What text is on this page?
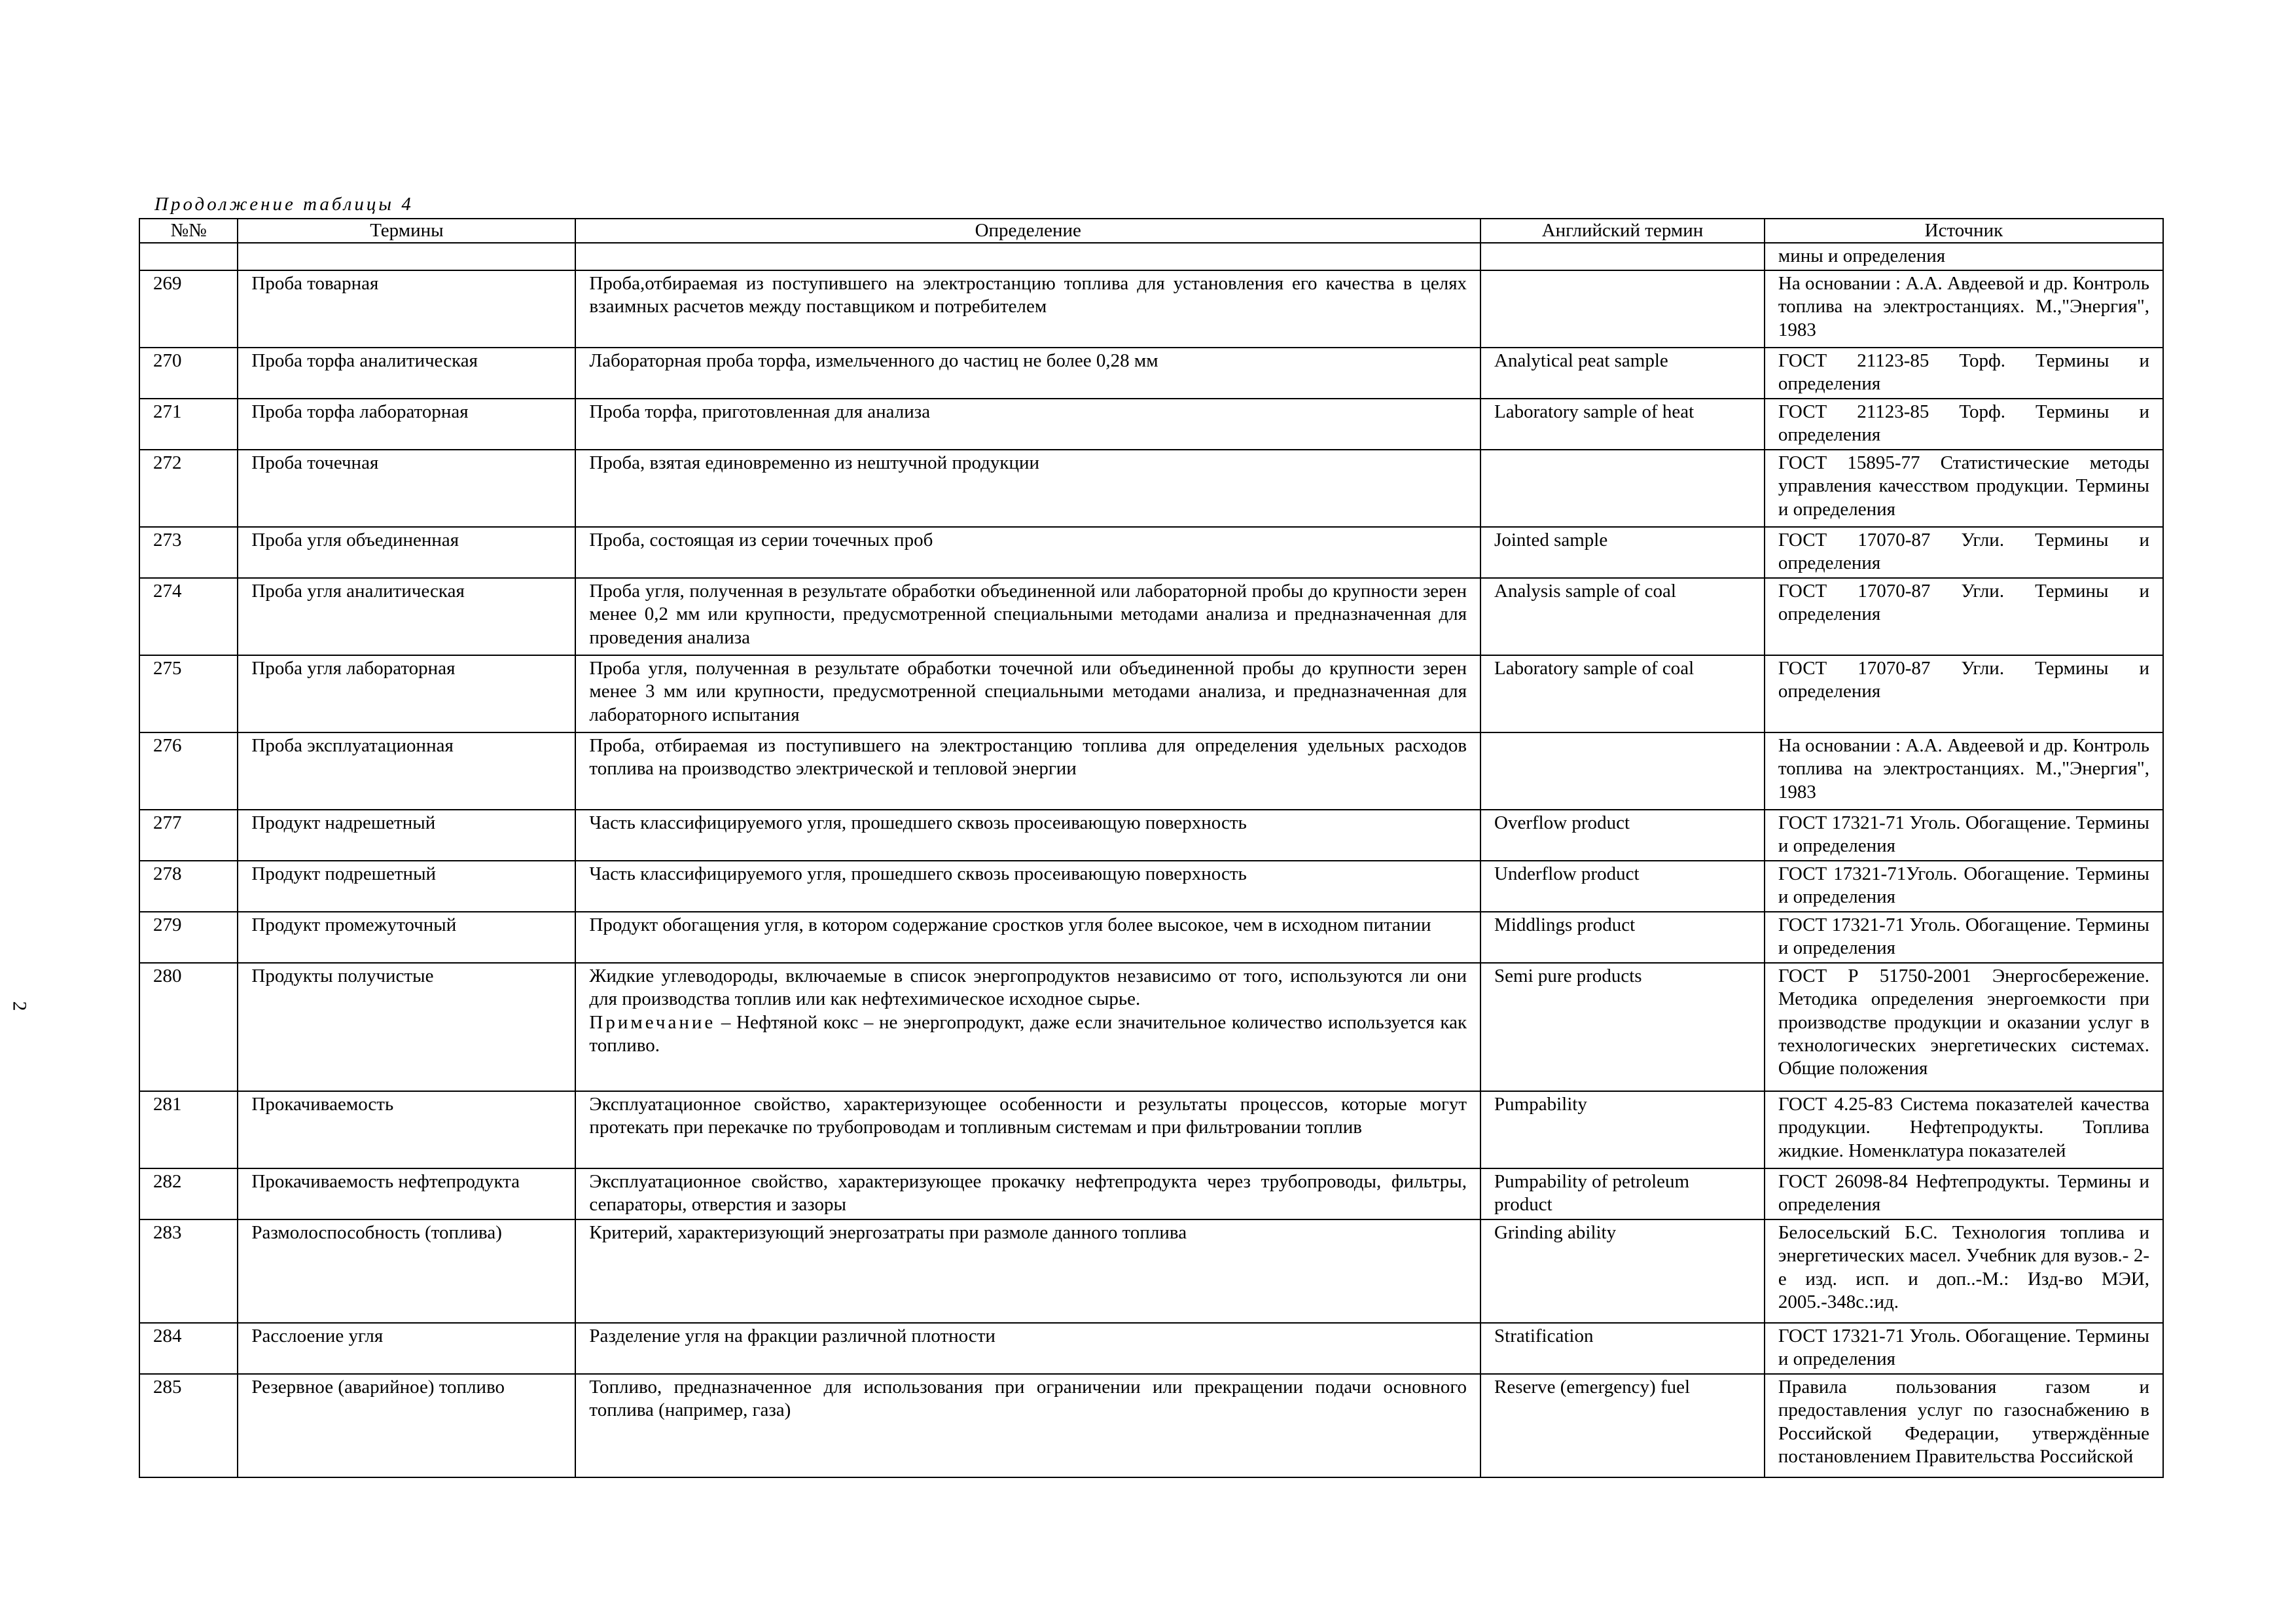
2
Продолжение таблицы 4
№№	Термины	Определение	Английский термин	Источник
				мины и определения
269	Проба товарная	Проба,отбираемая из поступившего на электростанцию топлива для установления его качества в целях взаимных расчетов между поставщиком и потребителем		На основании : А.А. Авдеевой и др. Контроль топлива на электростанциях. М.,"Энергия", 1983
270	Проба торфа аналитическая	Лабораторная проба торфа, измельченного до частиц не более 0,28 мм	Analytical peat sample	ГОСТ 21123-85 Торф. Термины и определения
271	Проба торфа лабораторная	Проба торфа, приготовленная для анализа	Laboratory sample of heat	ГОСТ 21123-85 Торф. Термины и определения
272	Проба точечная	Проба, взятая единовременно из нештучной продукции		ГОСТ 15895-77 Статистические методы управления качесством продукции. Термины и определения
273	Проба угля объединенная	Проба, состоящая из серии точечных проб	Jointed sample	ГОСТ 17070-87 Угли. Термины и определения
274	Проба угля аналитическая	Проба угля, полученная в результате обработки объединенной или лабораторной пробы до крупности зерен менее 0,2 мм или крупности, предусмотренной специальными методами анализа и предназначенная для проведения анализа	Analysis sample of coal	ГОСТ 17070-87 Угли. Термины и определения
275	Проба угля лабораторная	Проба угля, полученная в результате обработки точечной или объединенной пробы до крупности зерен менее 3 мм или крупности, предусмотренной специальными методами анализа, и предназначенная для лабораторного испытания	Laboratory sample of coal	ГОСТ 17070-87 Угли. Термины и определения
276	Проба эксплуатационная	Проба, отбираемая из поступившего на электростанцию топлива для определения удельных расходов топлива на производство электрической и тепловой энергии		На основании : А.А. Авдеевой и др. Контроль топлива на электростанциях. М.,"Энергия", 1983
277	Продукт надрешетный	Часть классифицируемого угля, прошедшего сквозь просеивающую поверхность	Overflow product	ГОСТ 17321-71 Уголь. Обогащение. Термины и определения
278	Продукт подрешетный	Часть классифицируемого угля, прошедшего сквозь просеивающую поверхность	Underflow product	ГОСТ 17321-71Уголь. Обогащение. Термины и определения
279	Продукт промежуточный	Продукт обогащения угля, в котором содержание сростков угля более высокое, чем в исходном питании	Middlings product	ГОСТ 17321-71 Уголь. Обогащение. Термины и определения
280	Продукты получистые	Жидкие углеводороды, включаемые в список энергопродуктов независимо от того, используются ли они для производства топлив или как нефтехимическое исходное сырье.
Примечание – Нефтяной кокс – не энергопродукт, даже если значительное количество используется как топливо.	Semi pure products	ГОСТ Р 51750-2001 Энергосбережение. Методика определения энергоемкости при производстве продукции и оказании услуг в технологических энергетических системах. Общие положения
281	Прокачиваемость	Эксплуатационное свойство, характеризующее особенности и результаты процессов, которые могут протекать при перекачке по трубопроводам и топливным системам и при фильтровании топлив	Pumpability	ГОСТ 4.25-83 Система показателей качества продукции. Нефтепродукты. Топлива жидкие. Номенклатура показателей
282	Прокачиваемость нефтепродукта	Эксплуатационное свойство, характеризующее прокачку нефтепродукта через трубопроводы, фильтры, сепараторы, отверстия и зазоры	Pumpability of petroleum product	ГОСТ 26098-84 Нефтепродукты. Термины и определения
283	Размолоспособность (топлива)	Критерий, характеризующий энергозатраты при размоле данного топлива	Grinding ability	Белосельский Б.С. Технология топлива и энергетических масел. Учебник для вузов.- 2-е изд. исп. и доп..-М.: Изд-во МЭИ, 2005.-348с.:ид.
284	Расслоение угля	Разделение угля на фракции различной плотности	Stratification	ГОСТ 17321-71 Уголь. Обогащение. Термины и определения
285	Резервное (аварийное) топливо	Топливо, предназначенное для использования при ограничении или прекращении подачи основного топлива (например, газа)	Reserve (emergency) fuel	Правила пользования газом и предоставления услуг по газоснабжению в Российской Федерации, утверждённые постановлением Правительства Российской
